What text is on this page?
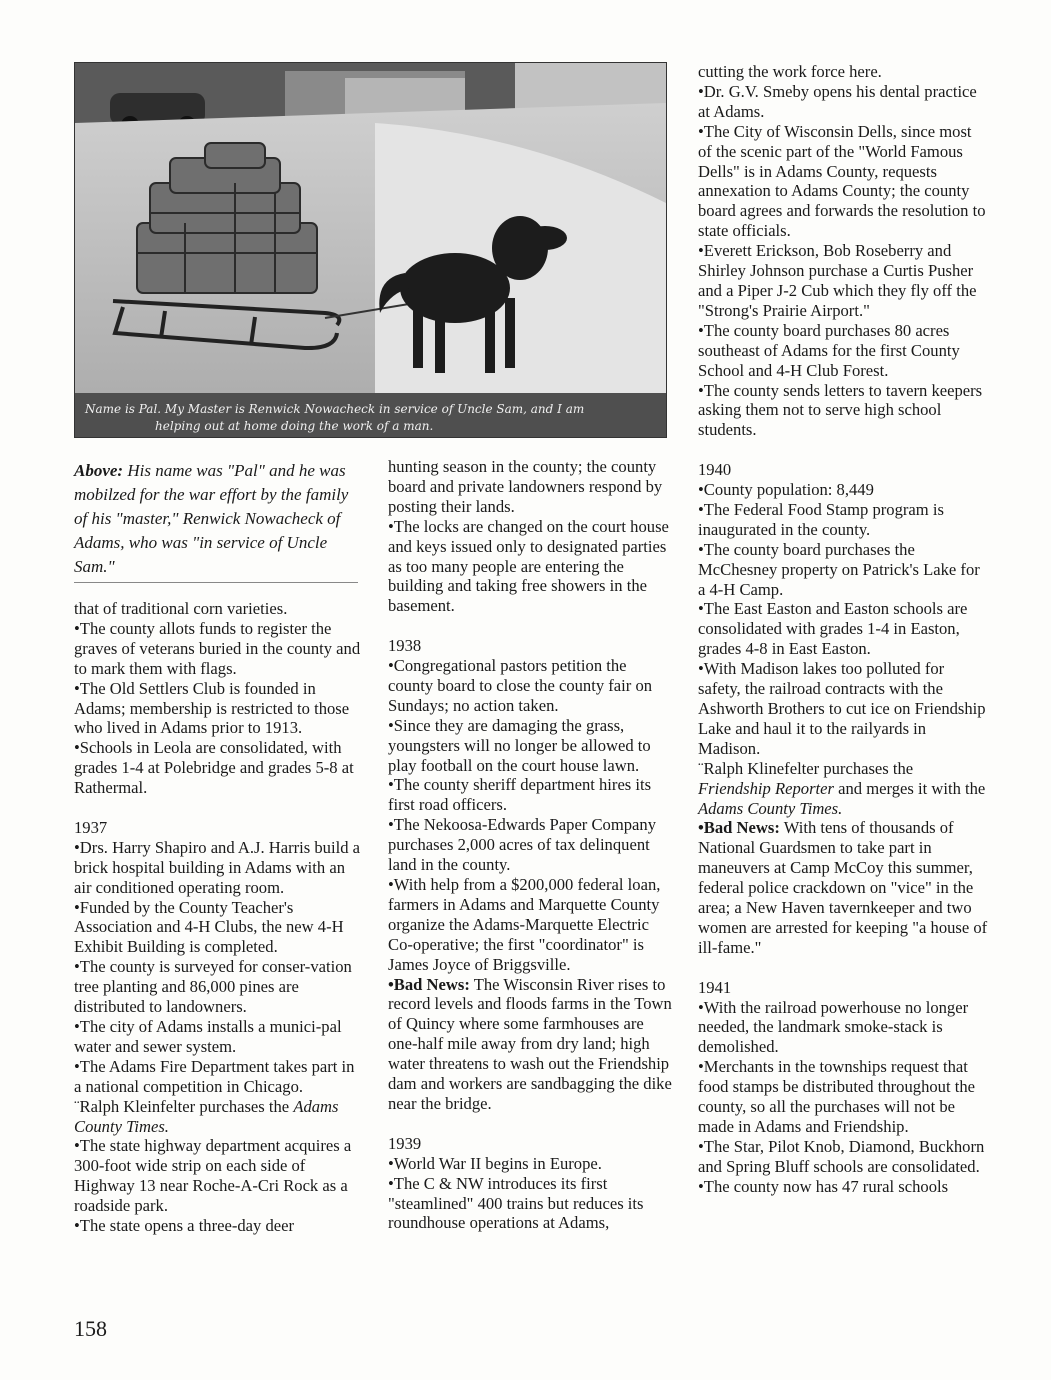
Name is Pal. My Master is Renwick Nowacheck in service of Uncle Sam, and I am
helping out at home doing the work of a man.
Above: His name was "Pal" and he was mobilzed for the war effort by the family of his "master," Renwick Nowacheck of Adams, who was "in service of Uncle Sam."

that of traditional corn varieties.

•The county allots funds to register the graves of veterans buried in the county and to mark them with flags.

•The Old Settlers Club is founded in Adams; membership is restricted to those who lived in Adams prior to 1913.

•Schools in Leola are consolidated, with grades 1-4 at Polebridge and grades 5-8 at Rathermal.

1937

•Drs. Harry Shapiro and A.J. Harris build a brick hospital building in Adams with an air conditioned operating room.

•Funded by the County Teacher's Association and 4-H Clubs, the new 4-H Exhibit Building is completed.

•The county is surveyed for conser-vation tree planting and 86,000 pines are distributed to landowners.

•The city of Adams installs a munici-pal water and sewer system.

•The Adams Fire Department takes part in a national competition in Chicago.

¨Ralph Kleinfelter purchases the Adams County Times.

•The state highway department acquires a 300-foot wide strip on each side of Highway 13 near Roche-A-Cri Rock as a roadside park.

•The state opens a three-day deer

hunting season in the county; the county board and private landowners respond by posting their lands.

•The locks are changed on the court house and keys issued only to designated parties as too many people are entering the building and taking free showers in the basement.

1938

•Congregational pastors petition the county board to close the county fair on Sundays; no action taken.

•Since they are damaging the grass, youngsters will no longer be allowed to play football on the court house lawn.

•The county sheriff department hires its first road officers.

•The Nekoosa-Edwards Paper Company purchases 2,000 acres of tax delinquent land in the county.

•With help from a $200,000 federal loan, farmers in Adams and Marquette County organize the Adams-Marquette Electric Co-operative; the first "coordinator" is James Joyce of Briggsville.

•Bad News: The Wisconsin River rises to record levels and floods farms in the Town of Quincy where some farmhouses are one-half mile away from dry land; high water threatens to wash out the Friendship dam and workers are sandbagging the dike near the bridge.

1939

•World War II begins in Europe.

•The C & NW introduces its first "steamlined" 400 trains but reduces its roundhouse operations at Adams,

cutting the work force here.

•Dr. G.V. Smeby opens his dental practice at Adams.

•The City of Wisconsin Dells, since most of the scenic part of the "World Famous Dells" is in Adams County, requests annexation to Adams County; the county board agrees and forwards the resolution to state officials.

•Everett Erickson, Bob Roseberry and Shirley Johnson purchase a Curtis Pusher and a Piper J-2 Cub which they fly off the "Strong's Prairie Airport."

•The county board purchases 80 acres southeast of Adams for the first County School and 4-H Club Forest.

•The county sends letters to tavern keepers asking them not to serve high school students.

1940

•County population: 8,449

•The Federal Food Stamp program is inaugurated in the county.

•The county board purchases the McChesney property on Patrick's Lake for a 4-H Camp.

•The East Easton and Easton schools are consolidated with grades 1-4 in Easton, grades 4-8 in East Easton.

•With Madison lakes too polluted for safety, the railroad contracts with the Ashworth Brothers to cut ice on Friendship Lake and haul it to the railyards in Madison.

¨Ralph Klinefelter purchases the Friendship Reporter and merges it with the Adams County Times.

•Bad News: With tens of thousands of National Guardsmen to take part in maneuvers at Camp McCoy this summer, federal police crackdown on "vice" in the area; a New Haven tavernkeeper and two women are arrested for keeping "a house of ill-fame."

1941

•With the railroad powerhouse no longer needed, the landmark smoke-stack is demolished.

•Merchants in the townships request that food stamps be distributed throughout the county, so all the purchases will not be made in Adams and Friendship.

•The Star, Pilot Knob, Diamond, Buckhorn and Spring Bluff schools are consolidated.

•The county now has 47 rural schools

158
